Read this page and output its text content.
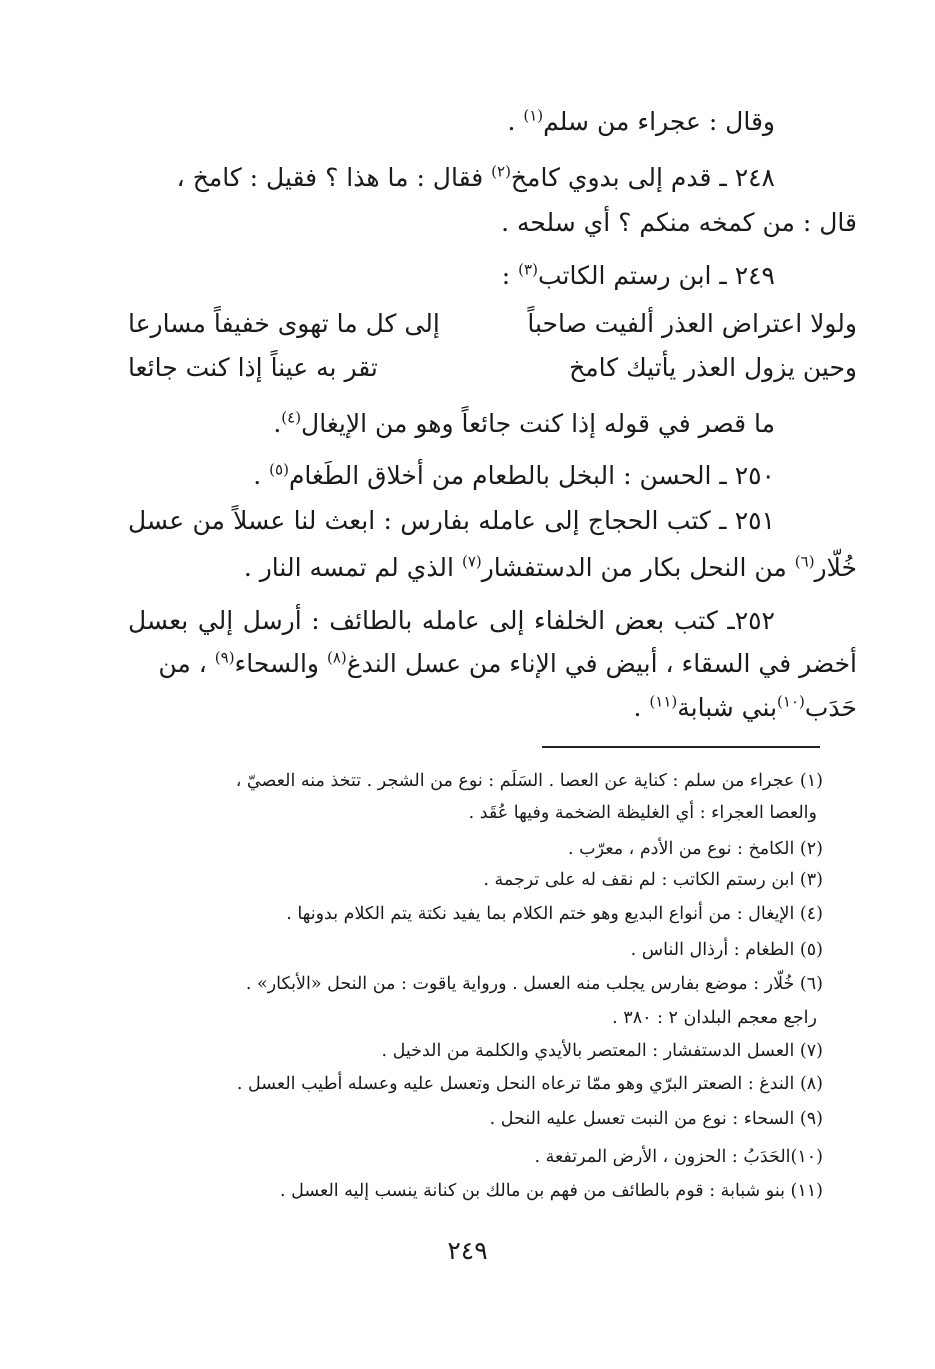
وقال : عجراء من سلم$^{(١)}$ .
٢٤٨ ـ قدم إلى بدوي كامخ$^{(٢)}$ فقال : ما هذا ؟ فقيل : كامخ ،
قال : من كمخه منكم ؟ أي سلحه .
٢٤٩ ـ ابن رستم الكاتب$^{(٣)}$ :
ولولا اعتراض العذر ألفيت صاحباً
إلى كل ما تهوى خفيفاً مسارعا
وحين يزول العذر يأتيك كامخ
تقر به عيناً إذا كنت جائعا
ما قصر في قوله إذا كنت جائعاً وهو من الإيغال$^{(٤)}$.
٢٥٠ ـ الحسن : البخل بالطعام من أخلاق الطَغام$^{(٥)}$ .
٢٥١ ـ كتب الحجاج إلى عامله بفارس : ابعث لنا عسلاً من عسل
خُلّار$^{(٦)}$ من النحل بكار من الدستفشار$^{(٧)}$ الذي لم تمسه النار .
٢٥٢ـ كتب بعض الخلفاء إلى عامله بالطائف : أرسل إلي بعسل
أخضر في السقاء ، أبيض في الإناء من عسل الندغ$^{(٨)}$ والسحاء$^{(٩)}$ ، من
حَدَب$^{(١٠)}$بني شبابة$^{(١١)}$ .
(١) عجراء من سلم : كناية عن العصا . السَلَم : نوع من الشجر . تتخذ منه العصيّ ،
والعصا العجراء : أي الغليظة الضخمة وفيها عُقَد .
(٢) الكامخ : نوع من الأدم ، معرّب .
(٣) ابن رستم الكاتب : لم نقف له على ترجمة .
(٤) الإيغال : من أنواع البديع وهو ختم الكلام بما يفيد نكتة يتم الكلام بدونها .
(٥) الطغام : أرذال الناس .
(٦) خُلّار : موضع بفارس يجلب منه العسل . ورواية ياقوت : من النحل «الأبكار» .
راجع معجم البلدان ٢ : ٣٨٠ .
(٧) العسل الدستفشار : المعتصر بالأيدي والكلمة من الدخيل .
(٨) الندغ : الصعتر البرّي وهو ممّا ترعاه النحل وتعسل عليه وعسله أطيب العسل .
(٩) السحاء : نوع من النبت تعسل عليه النحل .
(١٠)الحَدَبُ : الحزون ، الأرض المرتفعة .
(١١) بنو شبابة : قوم بالطائف من فهم بن مالك بن كنانة ينسب إليه العسل .
٢٤٩
